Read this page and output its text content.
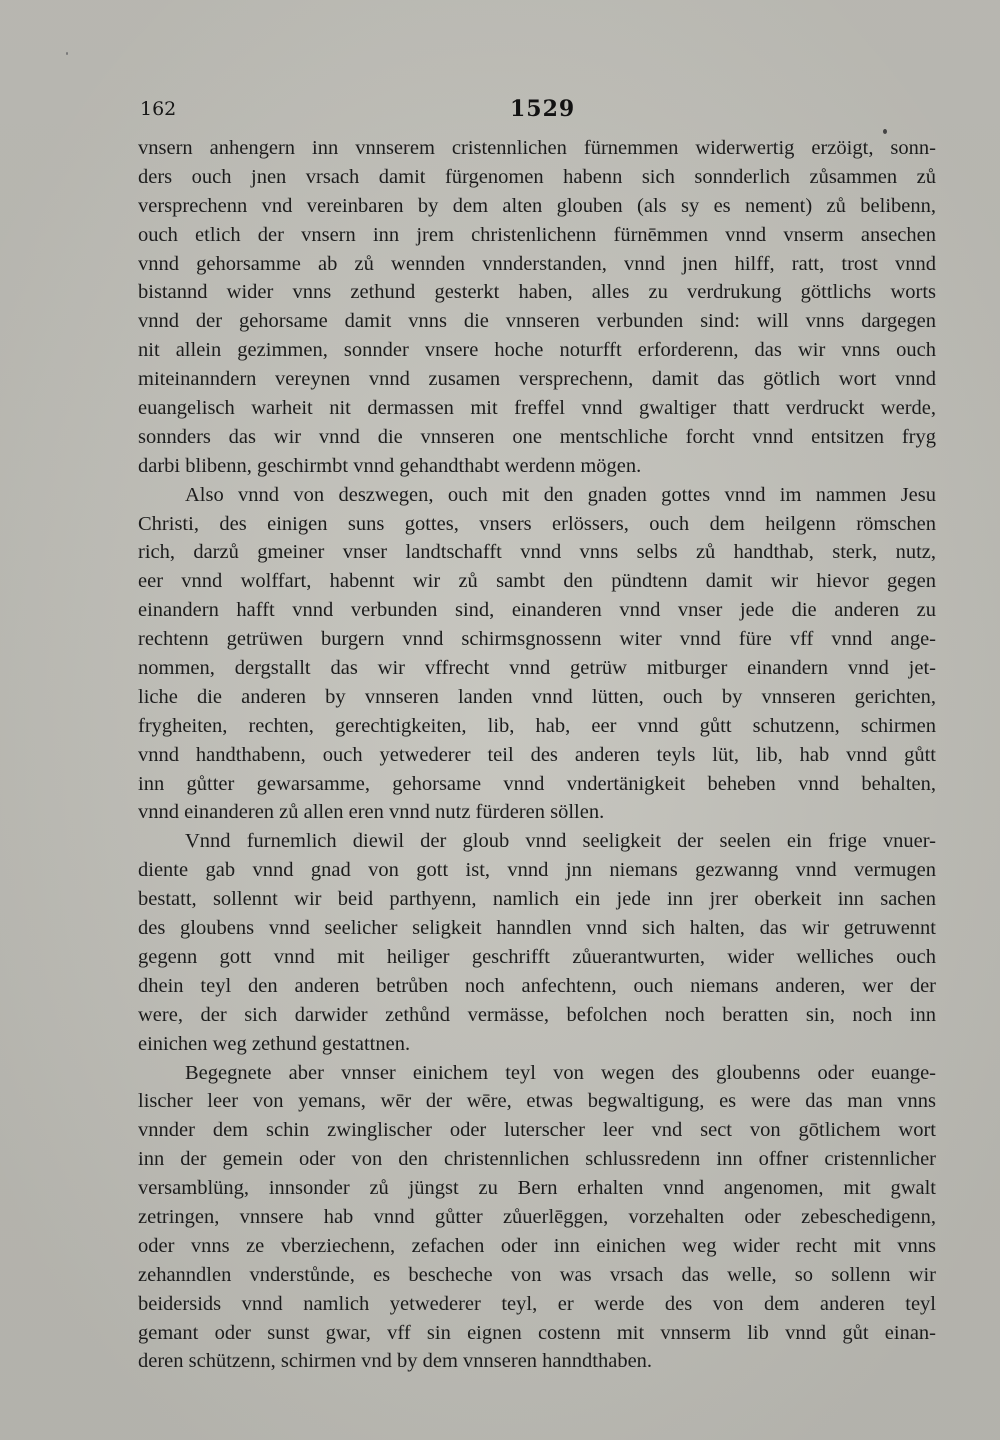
162	1529
vnsern anhengern inn vnnserem cristennlichen fürnemmen widerwertig erzöigt, sonn-
ders ouch jnen vrsach damit fürgenomen habenn sich sonnderlich zůsammen zů
versprechenn vnd vereinbaren by dem alten glouben (als sy es nement) zů belibenn,
ouch etlich der vnsern inn jrem christenlichenn fürnēmmen vnnd vnserm ansechen
vnnd gehorsamme ab zů wennden vnnderstanden, vnnd jnen hilff, ratt, trost vnnd
bistannd wider vnns zethund gesterkt haben, alles zu verdrukung göttlichs worts
vnnd der gehorsame damit vnns die vnnseren verbunden sind: will vnns dargegen
nit allein gezimmen, sonnder vnsere hoche noturfft erforderenn, das wir vnns ouch
miteinanndern vereynen vnnd zusamen versprechenn, damit das götlich wort vnnd
euangelisch warheit nit dermassen mit freffel vnnd gwaltiger thatt verdruckt werde,
sonnders das wir vnnd die vnnseren one mentschliche forcht vnnd entsitzen fryg
darbi blibenn, geschirmbt vnnd gehandthabt werdenn mögen.
Also vnnd von deszwegen, ouch mit den gnaden gottes vnnd im nammen Jesu
Christi, des einigen suns gottes, vnsers erlössers, ouch dem heilgenn römschen
rich, darzů gmeiner vnser landtschafft vnnd vnns selbs zů handthab, sterk, nutz,
eer vnnd wolffart, habennt wir zů sambt den pündtenn damit wir hievor gegen
einandern hafft vnnd verbunden sind, einanderen vnnd vnser jede die anderen zu
rechtenn getrüwen burgern vnnd schirmsgnossenn witer vnnd füre vff vnnd ange-
nommen, dergstallt das wir vffrecht vnnd getrüw mitburger einandern vnnd jet-
liche die anderen by vnnseren landen vnnd lütten, ouch by vnnseren gerichten,
frygheiten, rechten, gerechtigkeiten, lib, hab, eer vnnd gůtt schutzenn, schirmen
vnnd handthabenn, ouch yetwederer teil des anderen teyls lüt, lib, hab vnnd gůtt
inn gůtter gewarsamme, gehorsame vnnd vndertänigkeit beheben vnnd behalten,
vnnd einanderen zů allen eren vnnd nutz fürderen söllen.
Vnnd furnemlich diewil der gloub vnnd seeligkeit der seelen ein frige vnuer-
diente gab vnnd gnad von gott ist, vnnd jnn niemans gezwanng vnnd vermugen
bestatt, sollennt wir beid parthyenn, namlich ein jede inn jrer oberkeit inn sachen
des gloubens vnnd seelicher seligkeit hanndlen vnnd sich halten, das wir getruwennt
gegenn gott vnnd mit heiliger geschrifft zůuerantwurten, wider welliches ouch
dhein teyl den anderen betrůben noch anfechtenn, ouch niemans anderen, wer der
were, der sich darwider zethůnd vermässe, befolchen noch beratten sin, noch inn
einichen weg zethund gestattnen.
Begegnete aber vnnser einichem teyl von wegen des gloubenns oder euange-
lischer leer von yemans, wēr der wēre, etwas begwaltigung, es were das man vnns
vnnder dem schin zwinglischer oder luterscher leer vnd sect von gōtlichem wort
inn der gemein oder von den christennlichen schlussredenn inn offner cristennlicher
versamblüng, innsonder zů jüngst zu Bern erhalten vnnd angenomen, mit gwalt
zetringen, vnnsere hab vnnd gůtter zůuerlēggen, vorzehalten oder zebeschedigenn,
oder vnns ze vberziechenn, zefachen oder inn einichen weg wider recht mit vnns
zehanndlen vnderstůnde, es bescheche von was vrsach das welle, so sollenn wir
beidersids vnnd namlich yetwederer teyl, er werde des von dem anderen teyl
gemant oder sunst gwar, vff sin eignen costenn mit vnnserm lib vnnd gůt einan-
deren schützenn, schirmen vnd by dem vnnseren hanndthaben.
